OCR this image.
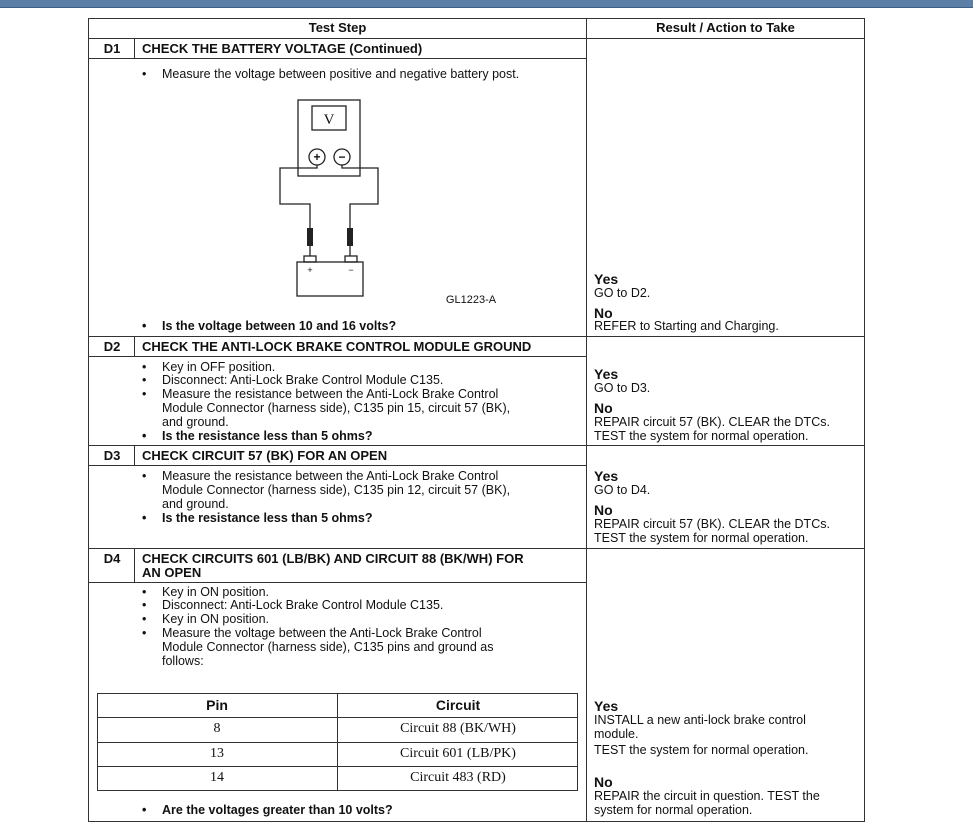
Test Step	Result / Action to Take
D1	CHECK THE BATTERY VOLTAGE (Continued)
• Measure the voltage between positive and negative battery post.
V
+ −
+	−
GL1223-A
• Is the voltage between 10 and 16 volts?
Yes
GO to D2.
No
REFER to Starting and Charging.
D2	CHECK THE ANTI-LOCK BRAKE CONTROL MODULE GROUND
• Key in OFF position.
• Disconnect: Anti-Lock Brake Control Module C135.
• Measure the resistance between the Anti-Lock Brake Control
Module Connector (harness side), C135 pin 15, circuit 57 (BK),
and ground.
• Is the resistance less than 5 ohms?
Yes
GO to D3.
No
REPAIR circuit 57 (BK). CLEAR the DTCs.
TEST the system for normal operation.
D3	CHECK CIRCUIT 57 (BK) FOR AN OPEN
• Measure the resistance between the Anti-Lock Brake Control
Module Connector (harness side), C135 pin 12, circuit 57 (BK),
and ground.
• Is the resistance less than 5 ohms?
Yes
GO to D4.
No
REPAIR circuit 57 (BK). CLEAR the DTCs.
TEST the system for normal operation.
D4	CHECK CIRCUITS 601 (LB/BK) AND CIRCUIT 88 (BK/WH) FOR
AN OPEN
• Key in ON position.
• Disconnect: Anti-Lock Brake Control Module C135.
• Key in ON position.
• Measure the voltage between the Anti-Lock Brake Control
Module Connector (harness side), C135 pins and ground as
follows:
Pin	Circuit
8	Circuit 88 (BK/WH)
13	Circuit 601 (LB/PK)
14	Circuit 483 (RD)
• Are the voltages greater than 10 volts?
Yes
INSTALL a new anti-lock brake control
module.
TEST the system for normal operation.
No
REPAIR the circuit in question. TEST the
system for normal operation.
